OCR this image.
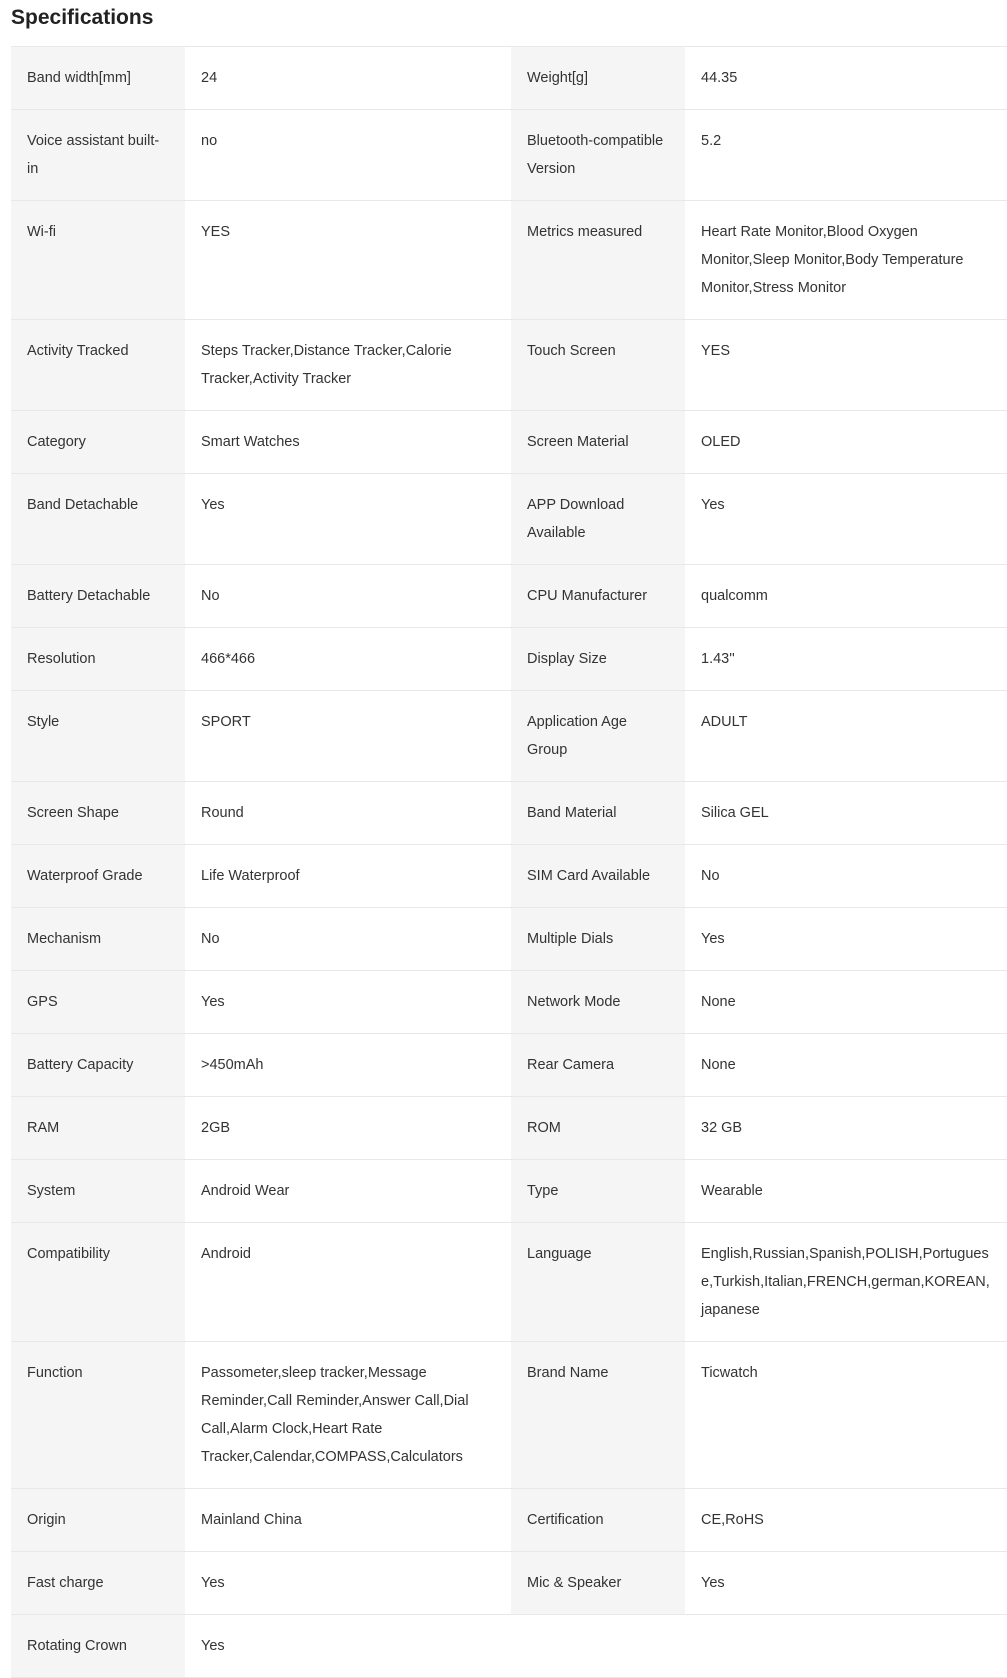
Specifications
Band width[mm]	24	Weight[g]	44.35
Voice assistant built-in	no	Bluetooth-compatible Version	5.2
Wi-fi	YES	Metrics measured	Heart Rate Monitor,Blood Oxygen Monitor,Sleep Monitor,Body Temperature Monitor,Stress Monitor
Activity Tracked	Steps Tracker,Distance Tracker,Calorie Tracker,Activity Tracker	Touch Screen	YES
Category	Smart Watches	Screen Material	OLED
Band Detachable	Yes	APP Download Available	Yes
Battery Detachable	No	CPU Manufacturer	qualcomm
Resolution	466*466	Display Size	1.43''
Style	SPORT	Application Age Group	ADULT
Screen Shape	Round	Band Material	Silica GEL
Waterproof Grade	Life Waterproof	SIM Card Available	No
Mechanism	No	Multiple Dials	Yes
GPS	Yes	Network Mode	None
Battery Capacity	>450mAh	Rear Camera	None
RAM	2GB	ROM	32 GB
System	Android Wear	Type	Wearable
Compatibility	Android	Language	English,Russian,Spanish,POLISH,Portuguese,Turkish,Italian,FRENCH,german,KOREAN,japanese
Function	Passometer,sleep tracker,Message Reminder,Call Reminder,Answer Call,Dial Call,Alarm Clock,Heart Rate Tracker,Calendar,COMPASS,Calculators	Brand Name	Ticwatch
Origin	Mainland China	Certification	CE,RoHS
Fast charge	Yes	Mic & Speaker	Yes
Rotating Crown	Yes		
